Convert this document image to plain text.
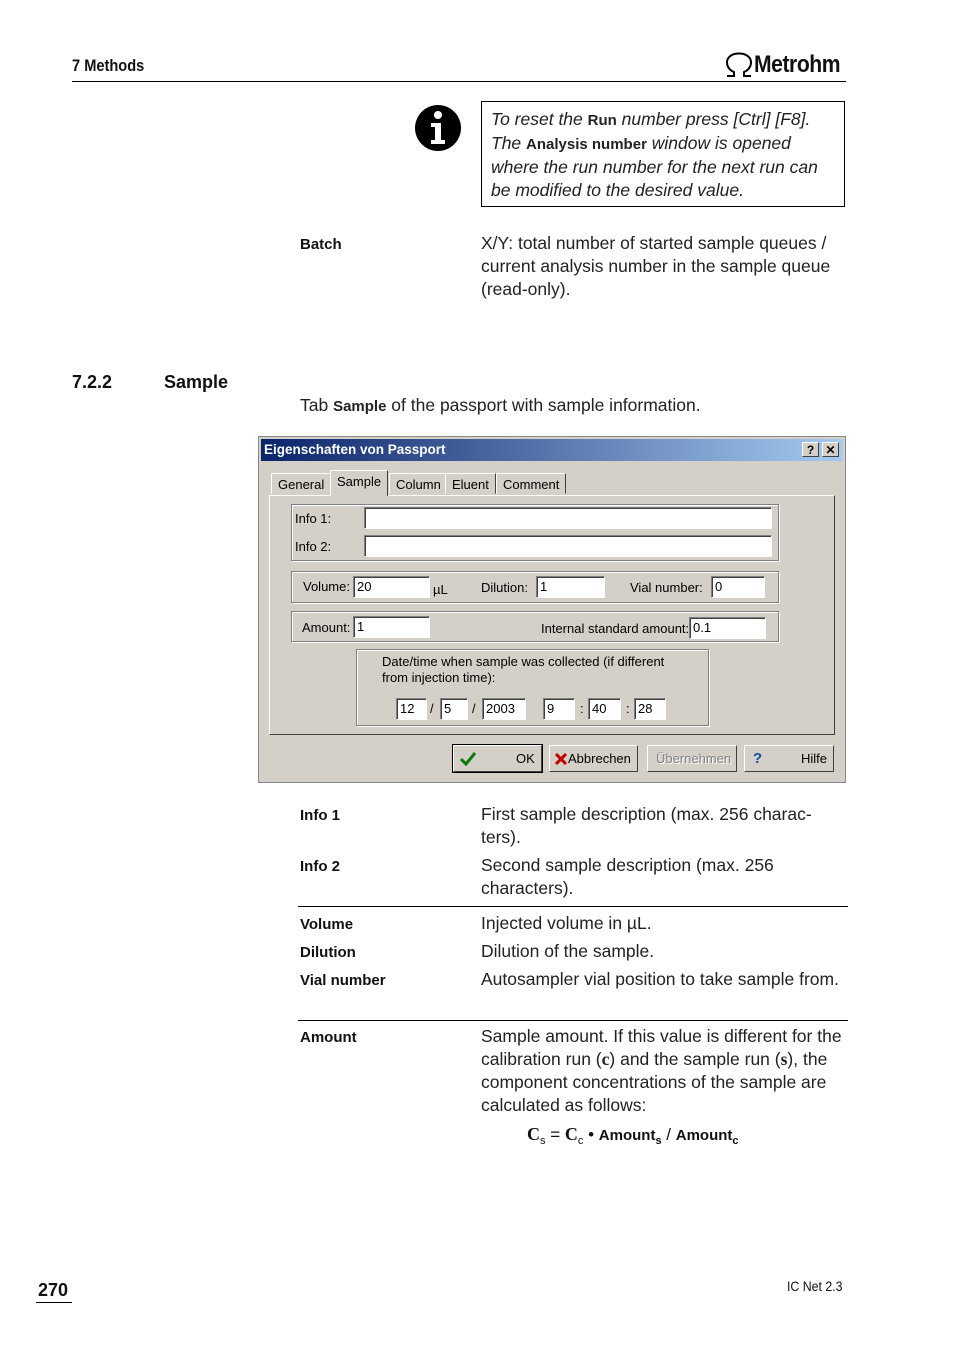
7 Methods	Metrohm
To reset the Run number press [Ctrl] [F8]. The Analysis number window is opened where the run number for the next run can be modified to the desired value.
Batch	X/Y: total number of started sample queues / current analysis number in the sample queue (read-only).
7.2.2	Sample
Tab Sample of the passport with sample information.
Eigenschaften von Passport	? ✕
General Sample	Column Eluent	Comment
Info 1:
Info 2:
Volume: 20	µL	Dilution: 1	Vial number: 0
Amount: 1	Internal standard amount: 0.1
Date/time when sample was collected (if different from injection time):
12	/ 5	/ 2003	9	: 40	: 28
OK	Abbrechen Übernehmen ?	Hilfe
Info 1	First sample description (max. 256 charac-ters).
Info 2	Second sample description (max. 256 characters).
Volume	Injected volume in µL.
Dilution	Dilution of the sample.
Vial number	Autosampler vial position to take sample from.
Amount	Sample amount. If this value is different for the calibration run (c) and the sample run (s), the component concentrations of the sample are calculated as follows:
$C_s = C_c$ • Amount$_s$ / Amount$_c$
270	IC Net 2.3
